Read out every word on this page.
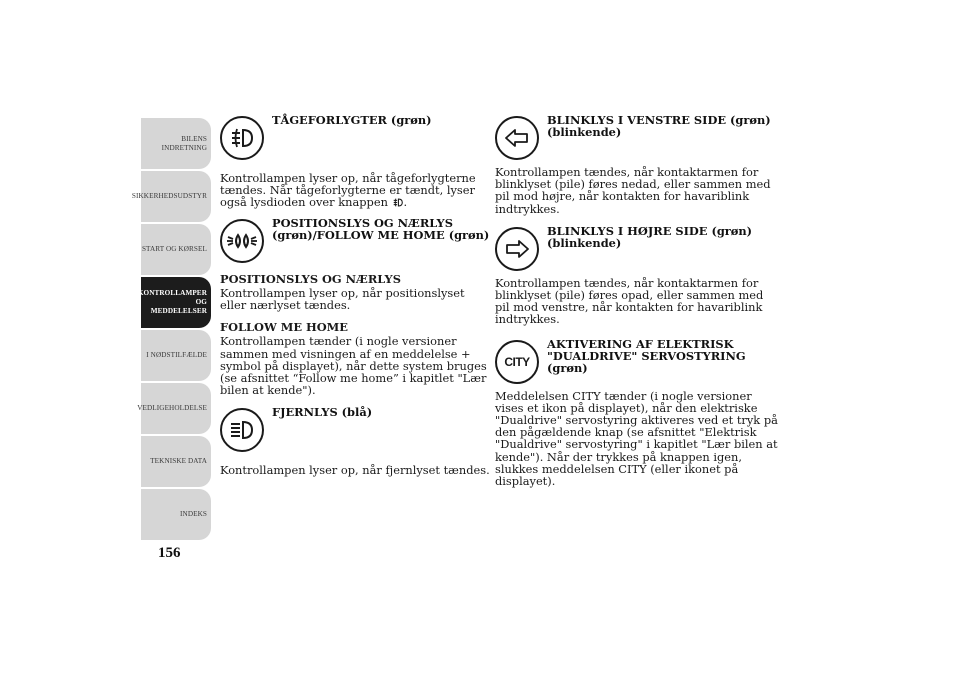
BILENS
INDRETNING
SIKKERHEDSUDSTYR
START OG KØRSEL
KONTROLLAMPER
OG MEDDELELSER
I NØDSTILFÆLDE
VEDLIGEHOLDELSE
TEKNISKE DATA
INDEKS
156
TÅGEFORLYGTER (grøn)

Kontrollampen lyser op, når tågeforlygterne tændes. Når tågeforlygterne er tændt, lyser også lysdioden over knappen .

POSITIONSLYS OG NÆRLYS
(grøn)/FOLLOW ME HOME (grøn)
POSITIONSLYS OG NÆRLYS

Kontrollampen lyser op, når positionslyset eller nærlyset tændes.

FOLLOW ME HOME

Kontrollampen tænder (i nogle versioner sammen med visningen af en meddelelse + symbol på displayet), når dette system bruges (se afsnittet “Follow me home” i kapitlet "Lær bilen at kende").

FJERNLYS (blå)

Kontrollampen lyser op, når fjernlyset tændes.

BLINKLYS I VENSTRE SIDE (grøn)
(blinkende)

Kontrollampen tændes, når kontaktarmen for blinklyset (pile) føres nedad, eller sammen med pil mod højre, når kontakten for havariblink indtrykkes.

BLINKLYS I HØJRE SIDE (grøn)
(blinkende)

Kontrollampen tændes, når kontaktarmen for blinklyset (pile) føres opad, eller sammen med pil mod venstre, når kontakten for havariblink indtrykkes.

CITY
AKTIVERING AF ELEKTRISK
"DUALDRIVE" SERVOSTYRING
(grøn)

Meddelelsen CITY tænder (i nogle versioner vises et ikon på displayet), når den elektriske "Dualdrive" servostyring aktiveres ved et tryk på den pågældende knap (se afsnittet "Elektrisk "Dualdrive" servostyring" i kapitlet "Lær bilen at kende"). Når der trykkes på knappen igen, slukkes meddelelsen CITY (eller ikonet på displayet).
